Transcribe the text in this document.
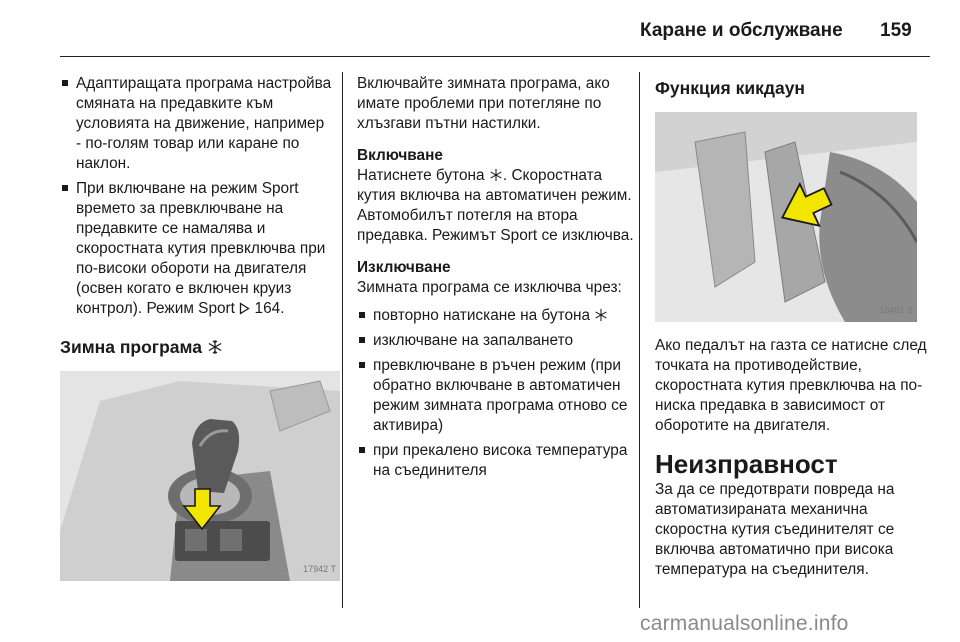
Каране и обслужване 159
Адаптиращата програма настройва смяната на предавките към условията на движение, например - по-голям товар или каране по наклон.
При включване на режим Sport времето за превключване на предавките се намалява и скоростната кутия превключва при по-високи обороти на двигателя (освен когато е включен круиз контрол). Режим Sport 164.
Зимна програма
17942 T

Включвайте зимната програма, ако имате проблеми при потегляне по хлъзгави пътни настилки.

Включване

Натиснете бутона . Скоростната кутия включва на автоматичен режим. Автомобилът потегля на втора предавка. Режимът Sport се изключва.

Изключване

Зимната програма се изключва чрез:

повторно натискане на бутона
изключване на запалването
превключване в ръчен режим (при обратно включване в автоматичен режим зимната програма отново се активира)
при прекалено висока температура на съединителя
Функция кикдаун
18451 S

Ако педалът на газта се натисне след точката на противодействие, скоростната кутия превключва на по-ниска предавка в зависимост от оборотите на двигателя.

Неизправност

За да се предотврати повреда на автоматизираната механична скоростна кутия съединителят се включва автоматично при висока температура на съединителя.

carmanualsonline.info
